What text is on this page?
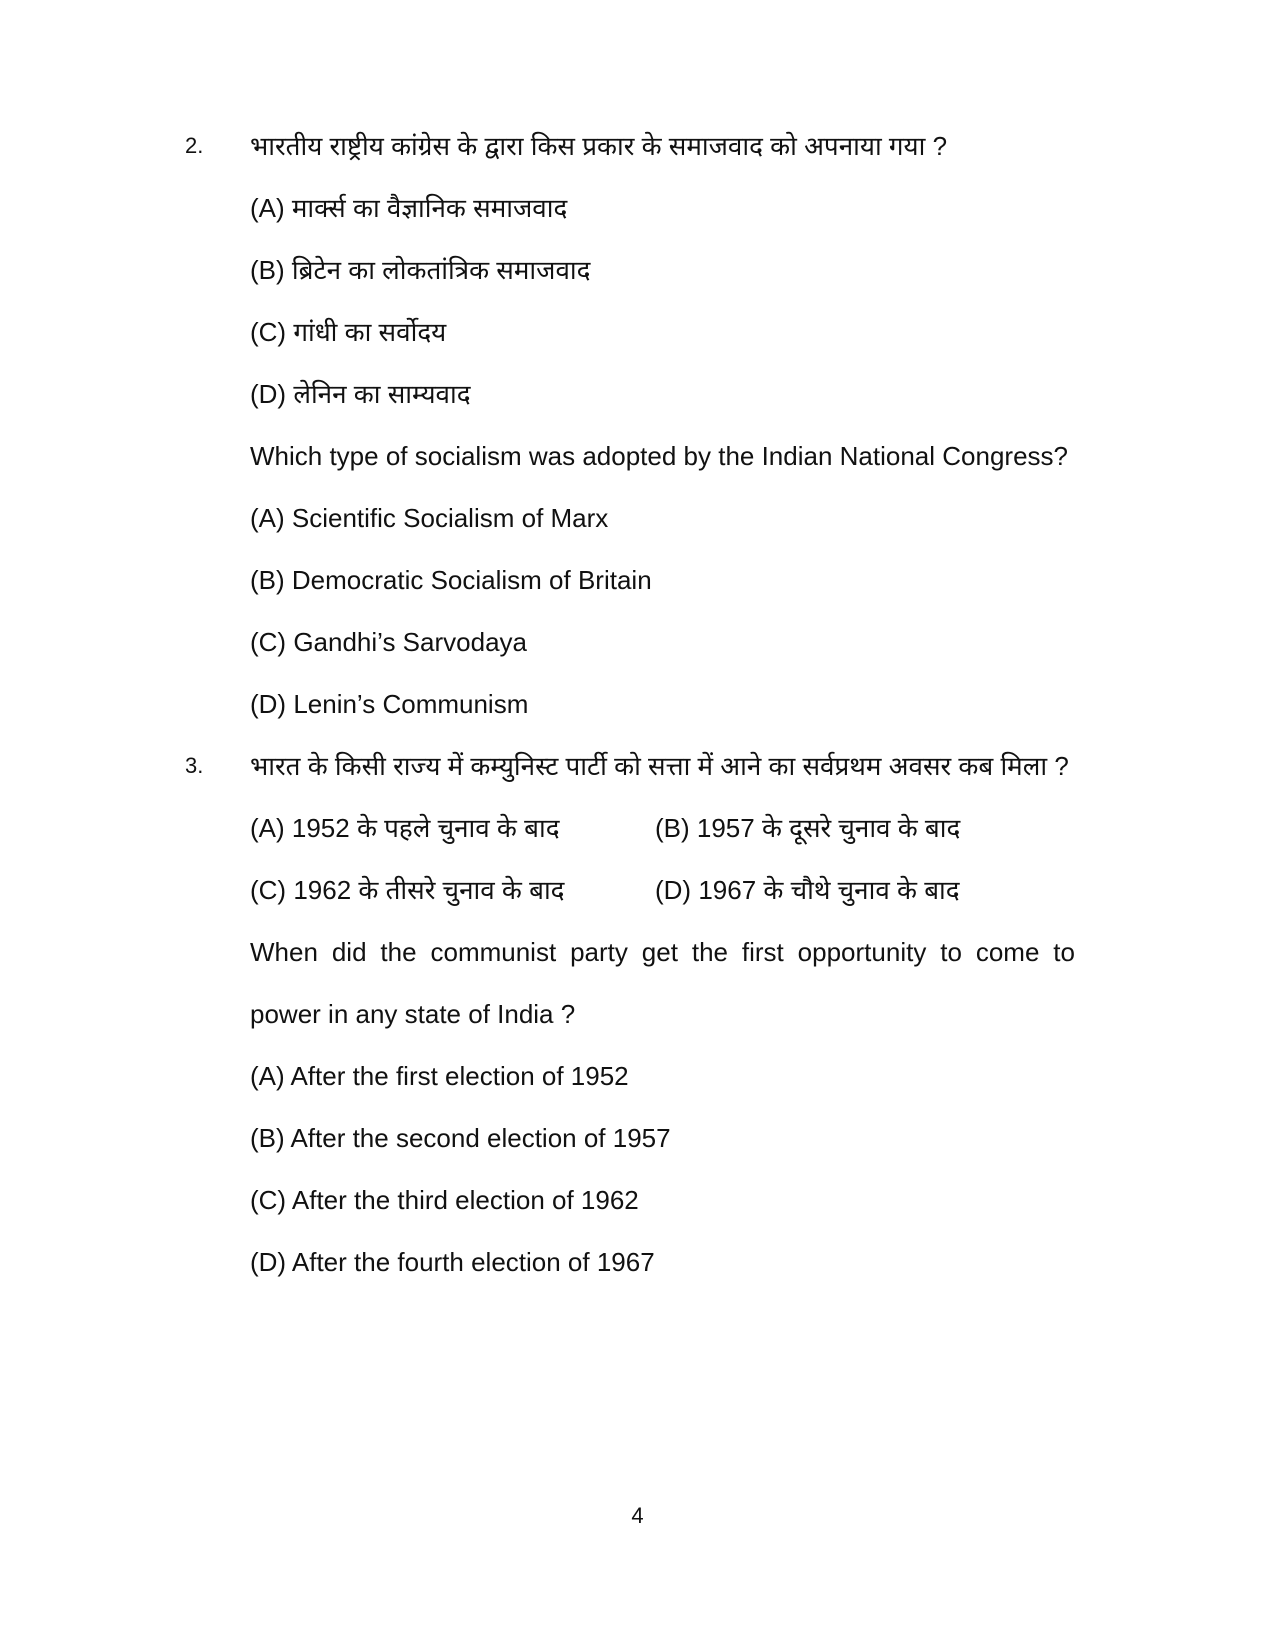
2.	भारतीय राष्ट्रीय कांग्रेस के द्वारा किस प्रकार के समाजवाद को अपनाया गया ?
(A) मार्क्स का वैज्ञानिक समाजवाद
(B) ब्रिटेन का लोकतांत्रिक समाजवाद
(C) गांधी का सर्वोदय
(D) लेनिन का साम्यवाद
Which type of socialism was adopted by the Indian National Congress?
(A) Scientific Socialism of Marx
(B) Democratic Socialism of Britain
(C) Gandhi’s Sarvodaya
(D) Lenin’s Communism
3.	भारत के किसी राज्य में कम्युनिस्ट पार्टी को सत्ता में आने का सर्वप्रथम अवसर कब मिला ?
(A) 1952 के पहले चुनाव के बाद	(B) 1957 के दूसरे चुनाव के बाद
(C) 1962 के तीसरे चुनाव के बाद	(D) 1967 के चौथे चुनाव के बाद
When did the communist party get the first opportunity to come to power in any state of India ?
(A) After the first election of 1952
(B) After the second election of 1957
(C) After the third election of 1962
(D) After the fourth election of 1967
4
